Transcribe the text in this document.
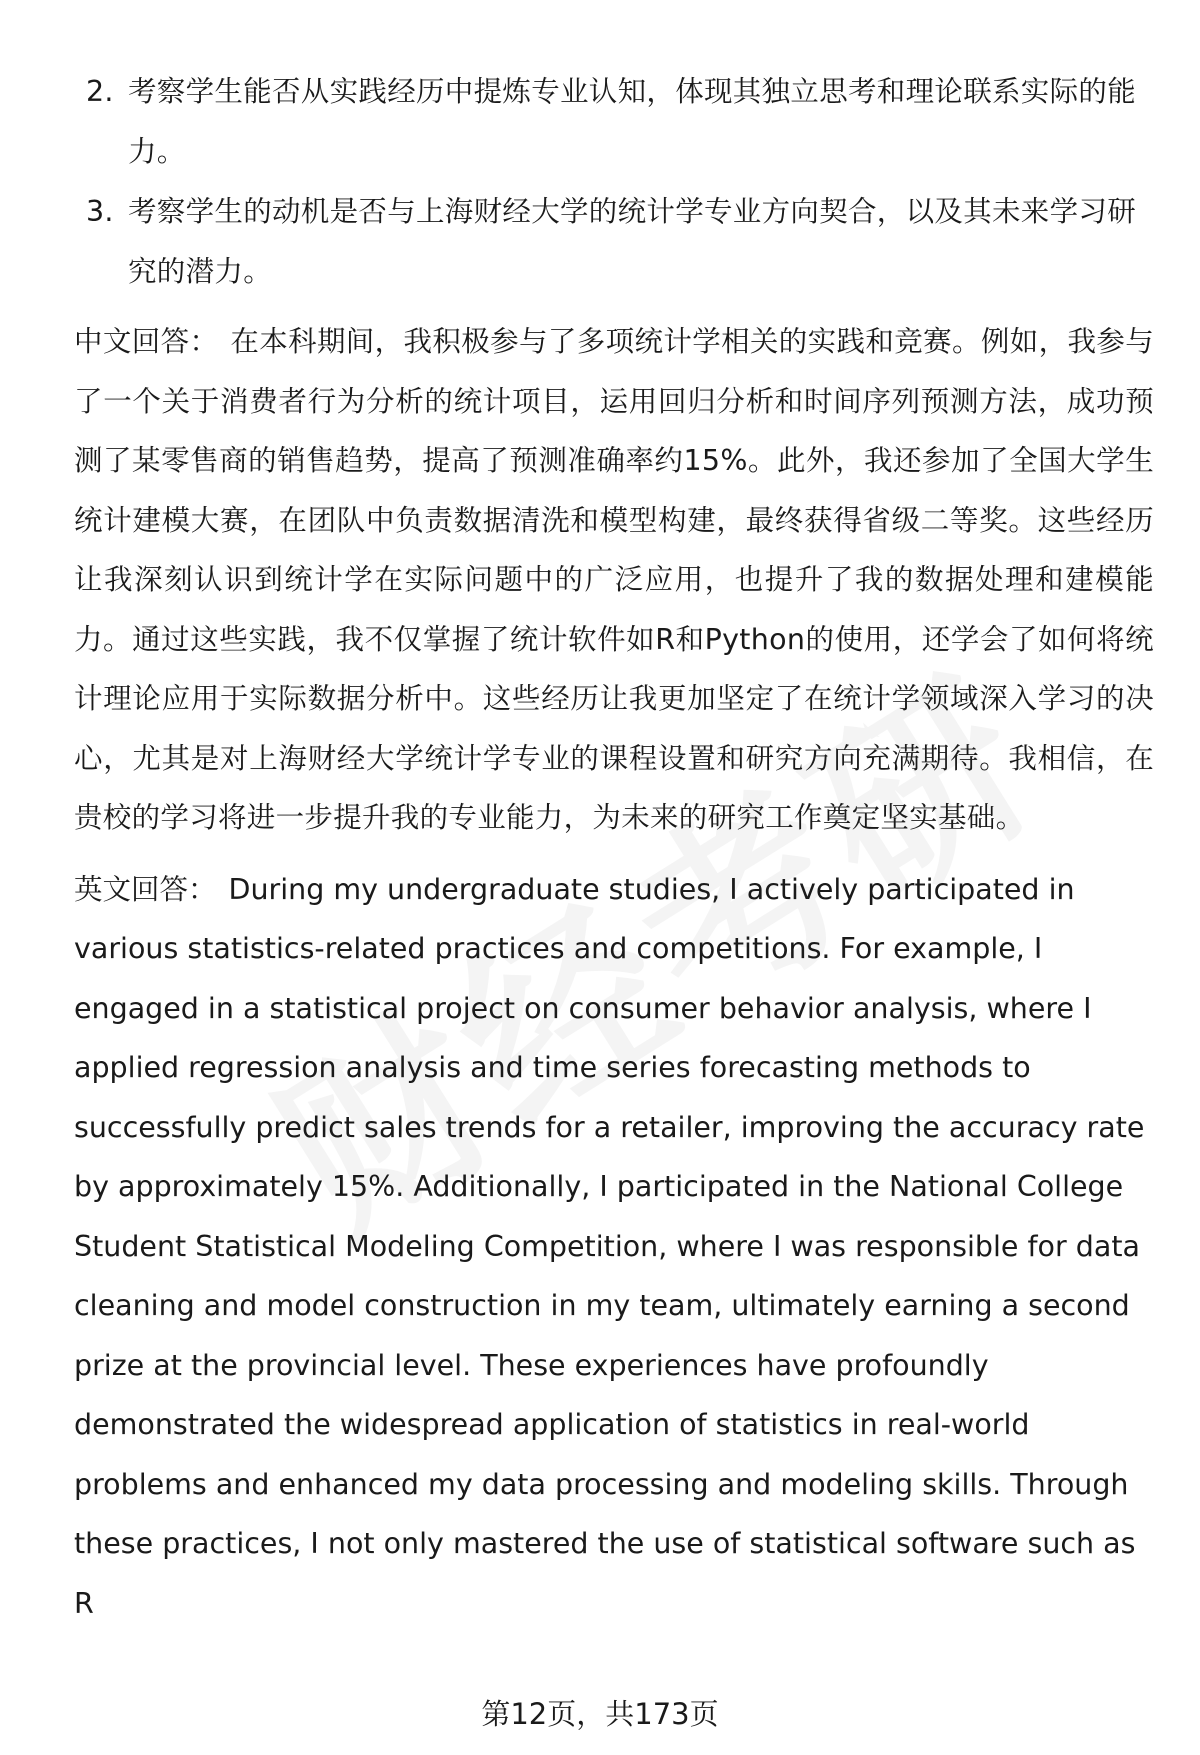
2. 考察学生能否从实践经历中提炼专业认知，体现其独立思考和理论联系实际的能力。
3. 考察学生的动机是否与上海财经大学的统计学专业方向契合，以及其未来学习研究的潜力。

中文回答： 在本科期间，我积极参与了多项统计学相关的实践和竞赛。例如，我参与了一个关于消费者行为分析的统计项目，运用回归分析和时间序列预测方法，成功预测了某零售商的销售趋势，提高了预测准确率约15%。此外，我还参加了全国大学生统计建模大赛，在团队中负责数据清洗和模型构建，最终获得省级二等奖。这些经历让我深刻认识到统计学在实际问题中的广泛应用，也提升了我的数据处理和建模能力。通过这些实践，我不仅掌握了统计软件如R和Python的使用，还学会了如何将统计理论应用于实际数据分析中。这些经历让我更加坚定了在统计学领域深入学习的决心，尤其是对上海财经大学统计学专业的课程设置和研究方向充满期待。我相信，在贵校的学习将进一步提升我的专业能力，为未来的研究工作奠定坚实基础。

英文回答： During my undergraduate studies, I actively participated in various statistics-related practices and competitions. For example, I engaged in a statistical project on consumer behavior analysis, where I applied regression analysis and time series forecasting methods to successfully predict sales trends for a retailer, improving the accuracy rate by approximately 15%. Additionally, I participated in the National College Student Statistical Modeling Competition, where I was responsible for data cleaning and model construction in my team, ultimately earning a second prize at the provincial level. These experiences have profoundly demonstrated the widespread application of statistics in real-world problems and enhanced my data processing and modeling skills. Through these practices, I not only mastered the use of statistical software such as R

第12页，共173页
